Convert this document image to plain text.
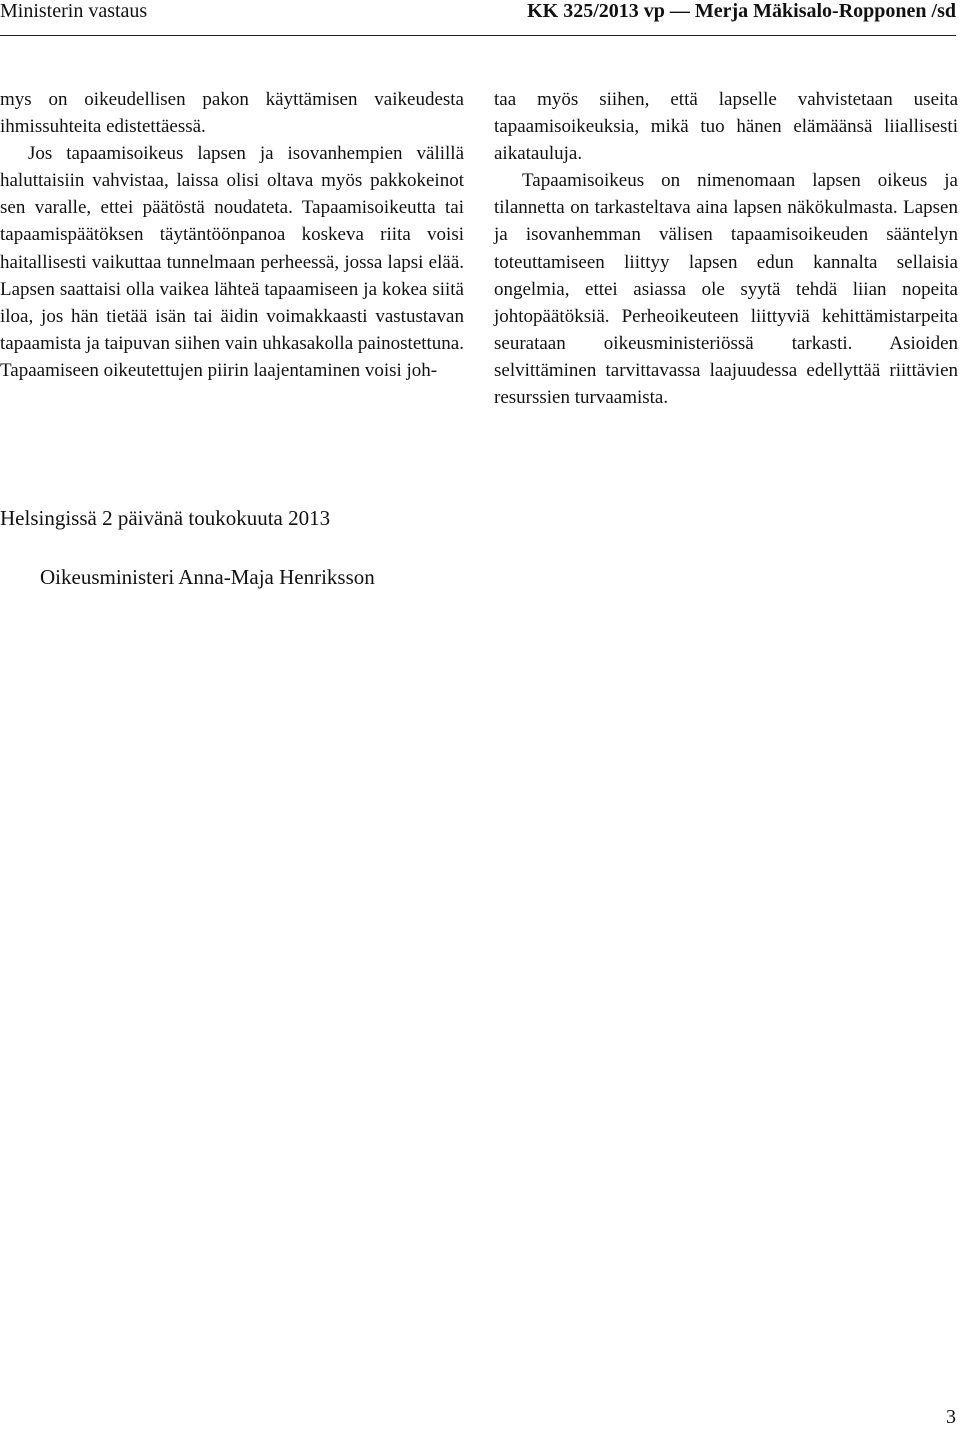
Ministerin vastaus	KK 325/2013 vp — Merja Mäkisalo-Ropponen /sd

mys on oikeudellisen pakon käyttämisen vaikeudesta ihmissuhteita edistettäessä.

Jos tapaamisoikeus lapsen ja isovanhempien välillä haluttaisiin vahvistaa, laissa olisi oltava myös pakkokeinot sen varalle, ettei päätöstä noudateta. Tapaamisoikeutta tai tapaamispäätöksen täytäntöönpanoa koskeva riita voisi haitallisesti vaikuttaa tunnelmaan perheessä, jossa lapsi elää. Lapsen saattaisi olla vaikea lähteä tapaamiseen ja kokea siitä iloa, jos hän tietää isän tai äidin voimakkaasti vastustavan tapaamista ja taipuvan siihen vain uhkasakolla painostettuna. Tapaamiseen oikeutettujen piirin laajentaminen voisi joh-

taa myös siihen, että lapselle vahvistetaan useita tapaamisoikeuksia, mikä tuo hänen elämäänsä liiallisesti aikatauluja.

Tapaamisoikeus on nimenomaan lapsen oikeus ja tilannetta on tarkasteltava aina lapsen näkökulmasta. Lapsen ja isovanhemman välisen tapaamisoikeuden sääntelyn toteuttamiseen liittyy lapsen edun kannalta sellaisia ongelmia, ettei asiassa ole syytä tehdä liian nopeita johtopäätöksiä. Perheoikeuteen liittyviä kehittämistarpeita seurataan oikeusministeriössä tarkasti. Asioiden selvittäminen tarvittavassa laajuudessa edellyttää riittävien resurssien turvaamista.

Helsingissä 2 päivänä toukokuuta 2013
Oikeusministeri Anna-Maja Henriksson
3
